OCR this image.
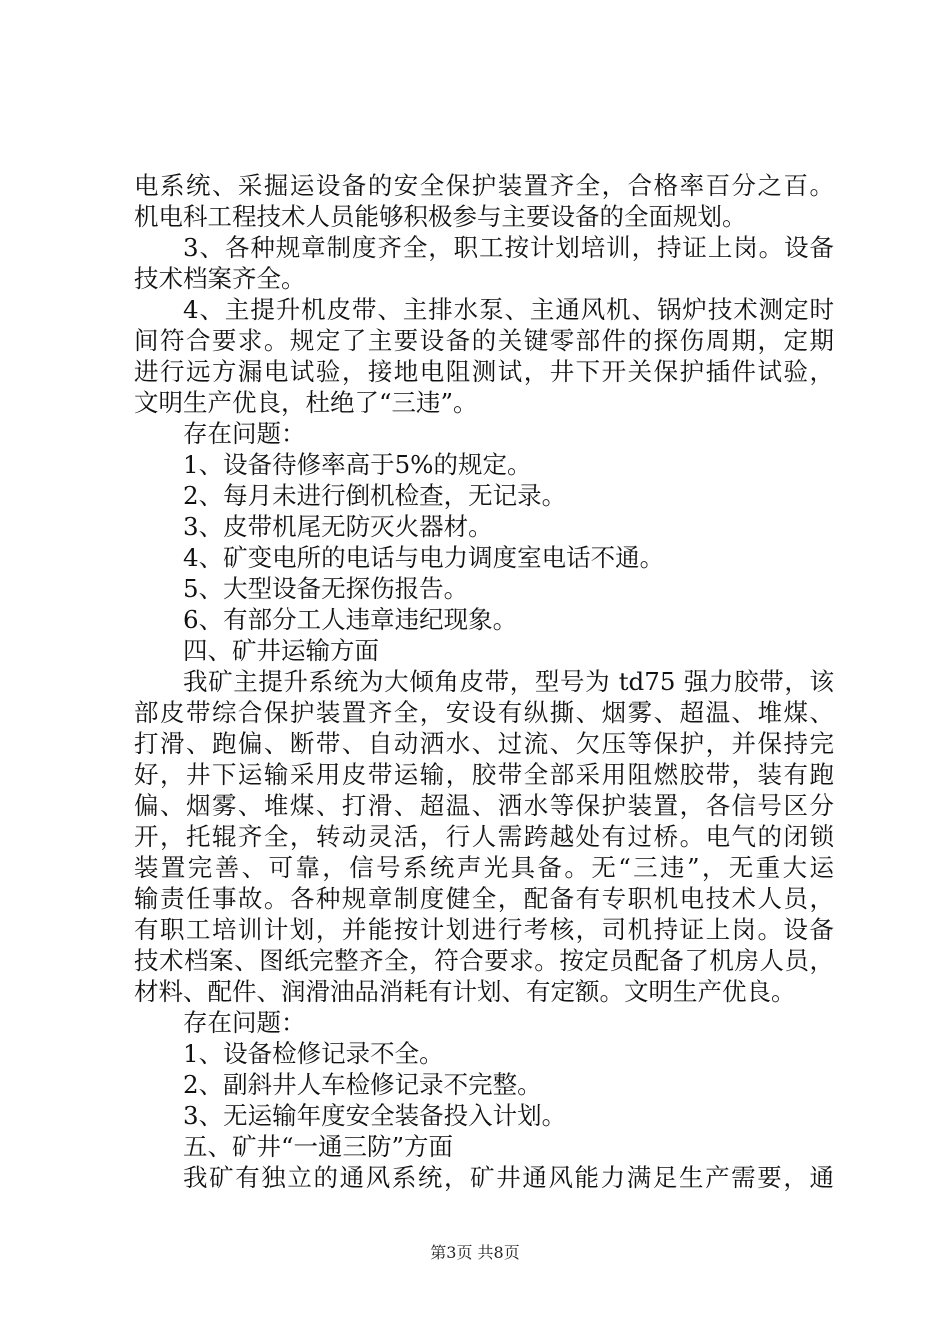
电系统、采掘运设备的安全保护装置齐全，合格率百分之百。
机电科工程技术人员能够积极参与主要设备的全面规划。
3、各种规章制度齐全，职工按计划培训，持证上岗。设备
技术档案齐全。
4、主提升机皮带、主排水泵、主通风机、锅炉技术测定时
间符合要求。规定了主要设备的关键零部件的探伤周期，定期
进行远方漏电试验，接地电阻测试，井下开关保护插件试验，
文明生产优良，杜绝了“三违”。
存在问题：
1、设备待修率高于5%的规定。
2、每月未进行倒机检查，无记录。
3、皮带机尾无防灭火器材。
4、矿变电所的电话与电力调度室电话不通。
5、大型设备无探伤报告。
6、有部分工人违章违纪现象。
四、矿井运输方面
我矿主提升系统为大倾角皮带，型号为 td75 强力胶带，该
部皮带综合保护装置齐全，安设有纵撕、烟雾、超温、堆煤、
打滑、跑偏、断带、自动洒水、过流、欠压等保护，并保持完
好，井下运输采用皮带运输，胶带全部采用阻燃胶带，装有跑
偏、烟雾、堆煤、打滑、超温、洒水等保护装置，各信号区分
开，托辊齐全，转动灵活，行人需跨越处有过桥。电气的闭锁
装置完善、可靠，信号系统声光具备。无“三违”，无重大运
输责任事故。各种规章制度健全，配备有专职机电技术人员，
有职工培训计划，并能按计划进行考核，司机持证上岗。设备
技术档案、图纸完整齐全，符合要求。按定员配备了机房人员，
材料、配件、润滑油品消耗有计划、有定额。文明生产优良。
存在问题：
1、设备检修记录不全。
2、副斜井人车检修记录不完整。
3、无运输年度安全装备投入计划。
五、矿井“一通三防”方面
我矿有独立的通风系统，矿井通风能力满足生产需要，通
第3页 共8页
